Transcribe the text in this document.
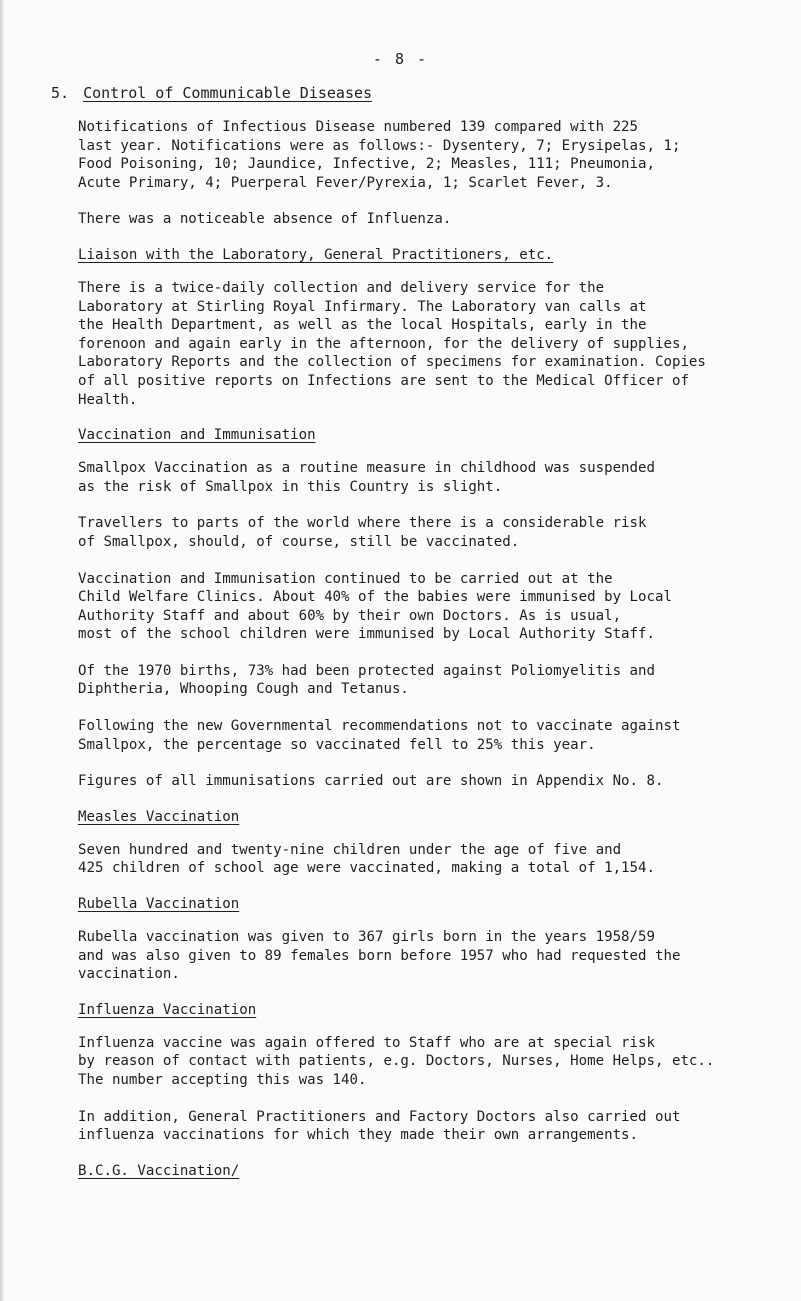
- 8 -
5. Control of Communicable Diseases

Notifications of Infectious Disease numbered 139 compared with 225
last year. Notifications were as follows:- Dysentery, 7; Erysipelas, 1;
Food Poisoning, 10; Jaundice, Infective, 2; Measles, 111; Pneumonia,
Acute Primary, 4; Puerperal Fever/Pyrexia, 1; Scarlet Fever, 3.

There was a noticeable absence of Influenza.

Liaison with the Laboratory, General Practitioners, etc.

There is a twice-daily collection and delivery service for the
Laboratory at Stirling Royal Infirmary. The Laboratory van calls at
the Health Department, as well as the local Hospitals, early in the
forenoon and again early in the afternoon, for the delivery of supplies,
Laboratory Reports and the collection of specimens for examination. Copies
of all positive reports on Infections are sent to the Medical Officer of
Health.

Vaccination and Immunisation

Smallpox Vaccination as a routine measure in childhood was suspended
as the risk of Smallpox in this Country is slight.

Travellers to parts of the world where there is a considerable risk
of Smallpox, should, of course, still be vaccinated.

Vaccination and Immunisation continued to be carried out at the
Child Welfare Clinics. About 40% of the babies were immunised by Local
Authority Staff and about 60% by their own Doctors. As is usual,
most of the school children were immunised by Local Authority Staff.

Of the 1970 births, 73% had been protected against Poliomyelitis and
Diphtheria, Whooping Cough and Tetanus.

Following the new Governmental recommendations not to vaccinate against
Smallpox, the percentage so vaccinated fell to 25% this year.

Figures of all immunisations carried out are shown in Appendix No. 8.

Measles Vaccination

Seven hundred and twenty-nine children under the age of five and
425 children of school age were vaccinated, making a total of 1,154.

Rubella Vaccination

Rubella vaccination was given to 367 girls born in the years 1958/59
and was also given to 89 females born before 1957 who had requested the
vaccination.

Influenza Vaccination

Influenza vaccine was again offered to Staff who are at special risk
by reason of contact with patients, e.g. Doctors, Nurses, Home Helps, etc..
The number accepting this was 140.

In addition, General Practitioners and Factory Doctors also carried out
influenza vaccinations for which they made their own arrangements.

B.C.G. Vaccination/
